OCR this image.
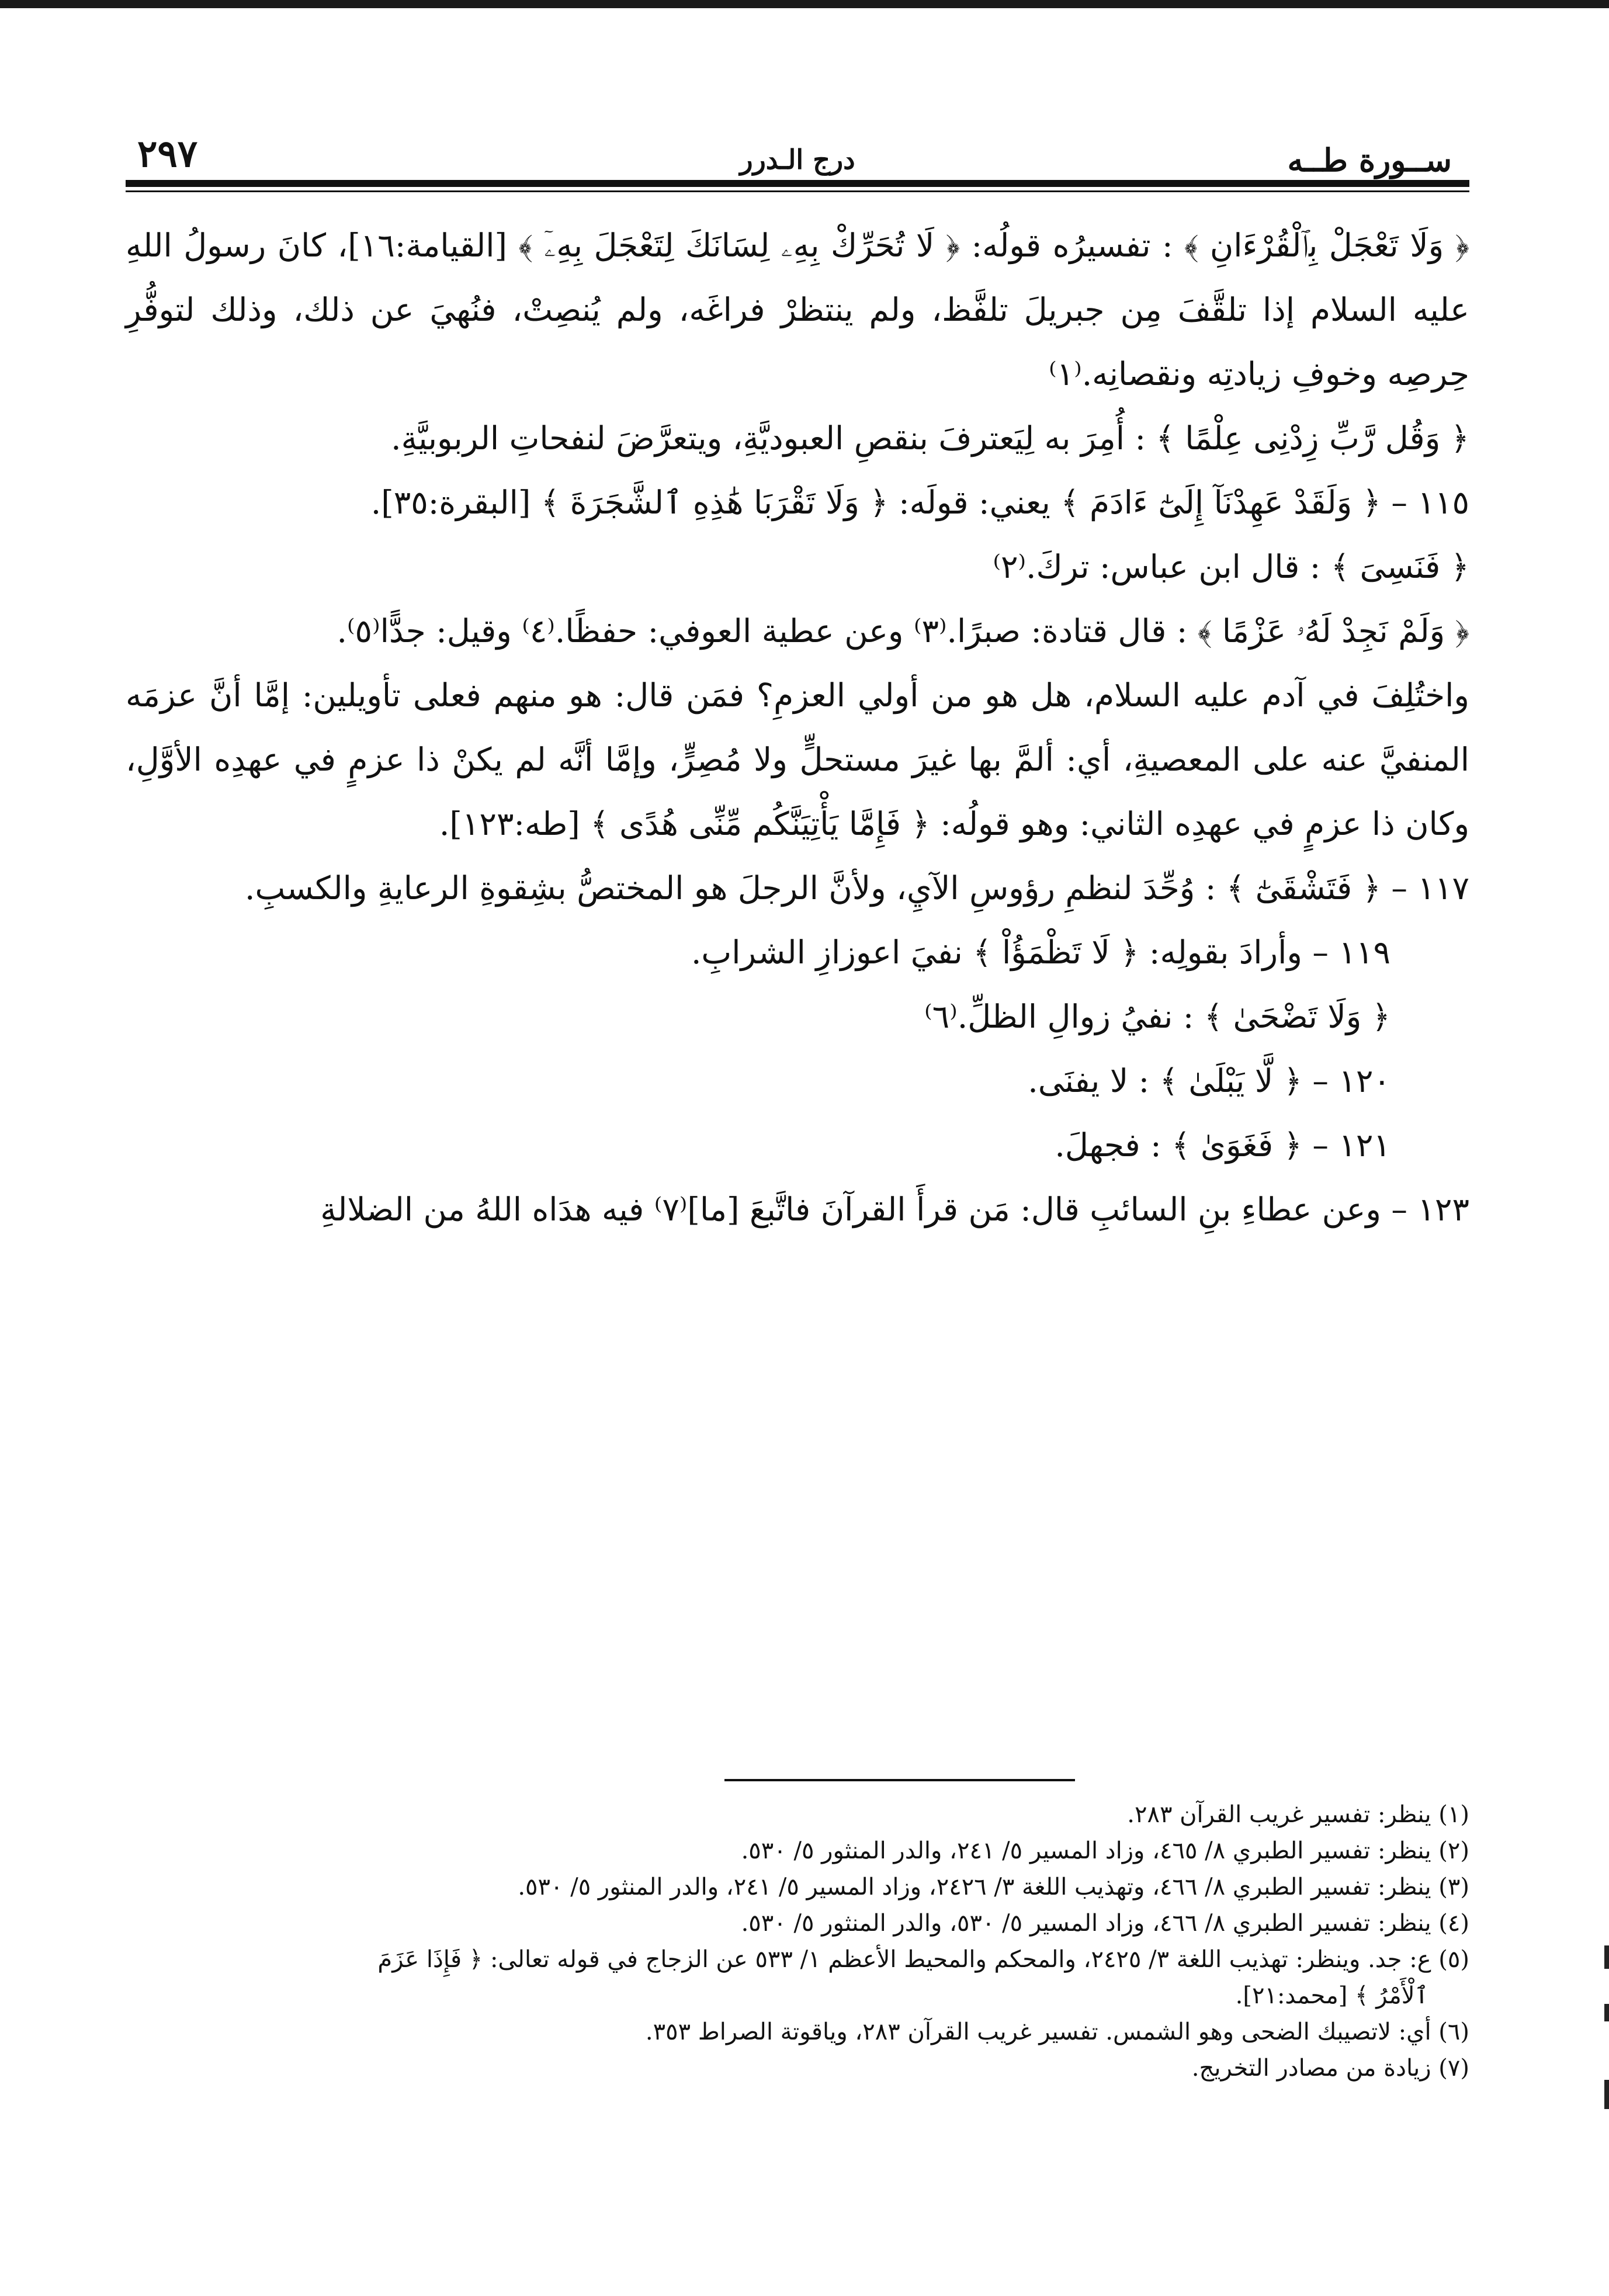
٢٩٧	درج الـدرر	ســورة طــه

﴿ وَلَا تَعْجَلْ بِٱلْقُرْءَانِ ﴾ : تفسيرُه قولُه: ﴿ لَا تُحَرِّكْ بِهِۦ لِسَانَكَ لِتَعْجَلَ بِهِۦٓ ﴾ [القيامة:١٦]، كانَ رسولُ اللهِ عليه السلام إذا تلقَّفَ مِن جبريلَ تلفَّظ، ولم ينتظرْ فراغَه، ولم يُنصِتْ، فنُهيَ عن ذلك، وذلك لتوفُّرِ حِرصِه وخوفِ زيادتِه ونقصانِه.⁽١⁾

﴿ وَقُل رَّبِّ زِدْنِى عِلْمًا ﴾ : أُمِرَ به لِيَعترفَ بنقصِ العبوديَّةِ، ويتعرَّضَ لنفحاتِ الربوبيَّةِ.

١١٥ – ﴿ وَلَقَدْ عَهِدْنَآ إِلَىٰٓ ءَادَمَ ﴾ يعني: قولَه: ﴿ وَلَا تَقْرَبَا هَٰذِهِ ٱلشَّجَرَةَ ﴾ [البقرة:٣٥].

﴿ فَنَسِىَ ﴾ : قال ابن عباس: تركَ.⁽٢⁾

﴿ وَلَمْ نَجِدْ لَهُۥ عَزْمًا ﴾ : قال قتادة: صبرًا.⁽٣⁾ وعن عطية العوفي: حفظًا.⁽٤⁾ وقيل: جدًّا⁽٥⁾.

واختُلِفَ في آدم عليه السلام، هل هو من أولي العزمِ؟ فمَن قال: هو منهم فعلى تأويلين: إمَّا أنَّ عزمَه المنفيَّ عنه على المعصيةِ، أي: ألمَّ بها غيرَ مستحلٍّ ولا مُصِرٍّ، وإمَّا أنَّه لم يكنْ ذا عزمٍ في عهدِه الأوَّلِ، وكان ذا عزمٍ في عهدِه الثاني: وهو قولُه: ﴿ فَإِمَّا يَأْتِيَنَّكُم مِّنِّى هُدًى ﴾ [طه:١٢٣].

١١٧ – ﴿ فَتَشْقَىٰٓ ﴾ : وُحِّدَ لنظمِ رؤوسِ الآيِ، ولأنَّ الرجلَ هو المختصُّ بشِقوةِ الرعايةِ والكسبِ.

١١٩ – وأرادَ بقولِه: ﴿ لَا تَظْمَؤُاْ ﴾ نفيَ اعوزازِ الشرابِ.

﴿ وَلَا تَضْحَىٰ ﴾ : نفيُ زوالِ الظلِّ.⁽٦⁾

١٢٠ – ﴿ لَّا يَبْلَىٰ ﴾ : لا يفنَى.

١٢١ – ﴿ فَغَوَىٰ ﴾ : فجهلَ.

١٢٣ – وعن عطاءِ بنِ السائبِ قال: مَن قرأَ القرآنَ فاتَّبعَ [ما]⁽٧⁾ فيه هدَاه اللهُ من الضلالةِ

(١) ينظر: تفسير غريب القرآن ٢٨٣.

(٢) ينظر: تفسير الطبري ٨/ ٤٦٥، وزاد المسير ٥/ ٢٤١، والدر المنثور ٥/ ٥٣٠.

(٣) ينظر: تفسير الطبري ٨/ ٤٦٦، وتهذيب اللغة ٣/ ٢٤٢٦، وزاد المسير ٥/ ٢٤١، والدر المنثور ٥/ ٥٣٠.

(٤) ينظر: تفسير الطبري ٨/ ٤٦٦، وزاد المسير ٥/ ٥٣٠، والدر المنثور ٥/ ٥٣٠.

(٥) ع: جد. وينظر: تهذيب اللغة ٣/ ٢٤٢٥، والمحكم والمحيط الأعظم ١/ ٥٣٣ عن الزجاج في قوله تعالى: ﴿ فَإِذَا عَزَمَ

ٱلْأَمْرُ ﴾ [محمد:٢١].

(٦) أي: لاتصيبك الضحى وهو الشمس. تفسير غريب القرآن ٢٨٣، وياقوتة الصراط ٣٥٣.

(٧) زيادة من مصادر التخريج.
